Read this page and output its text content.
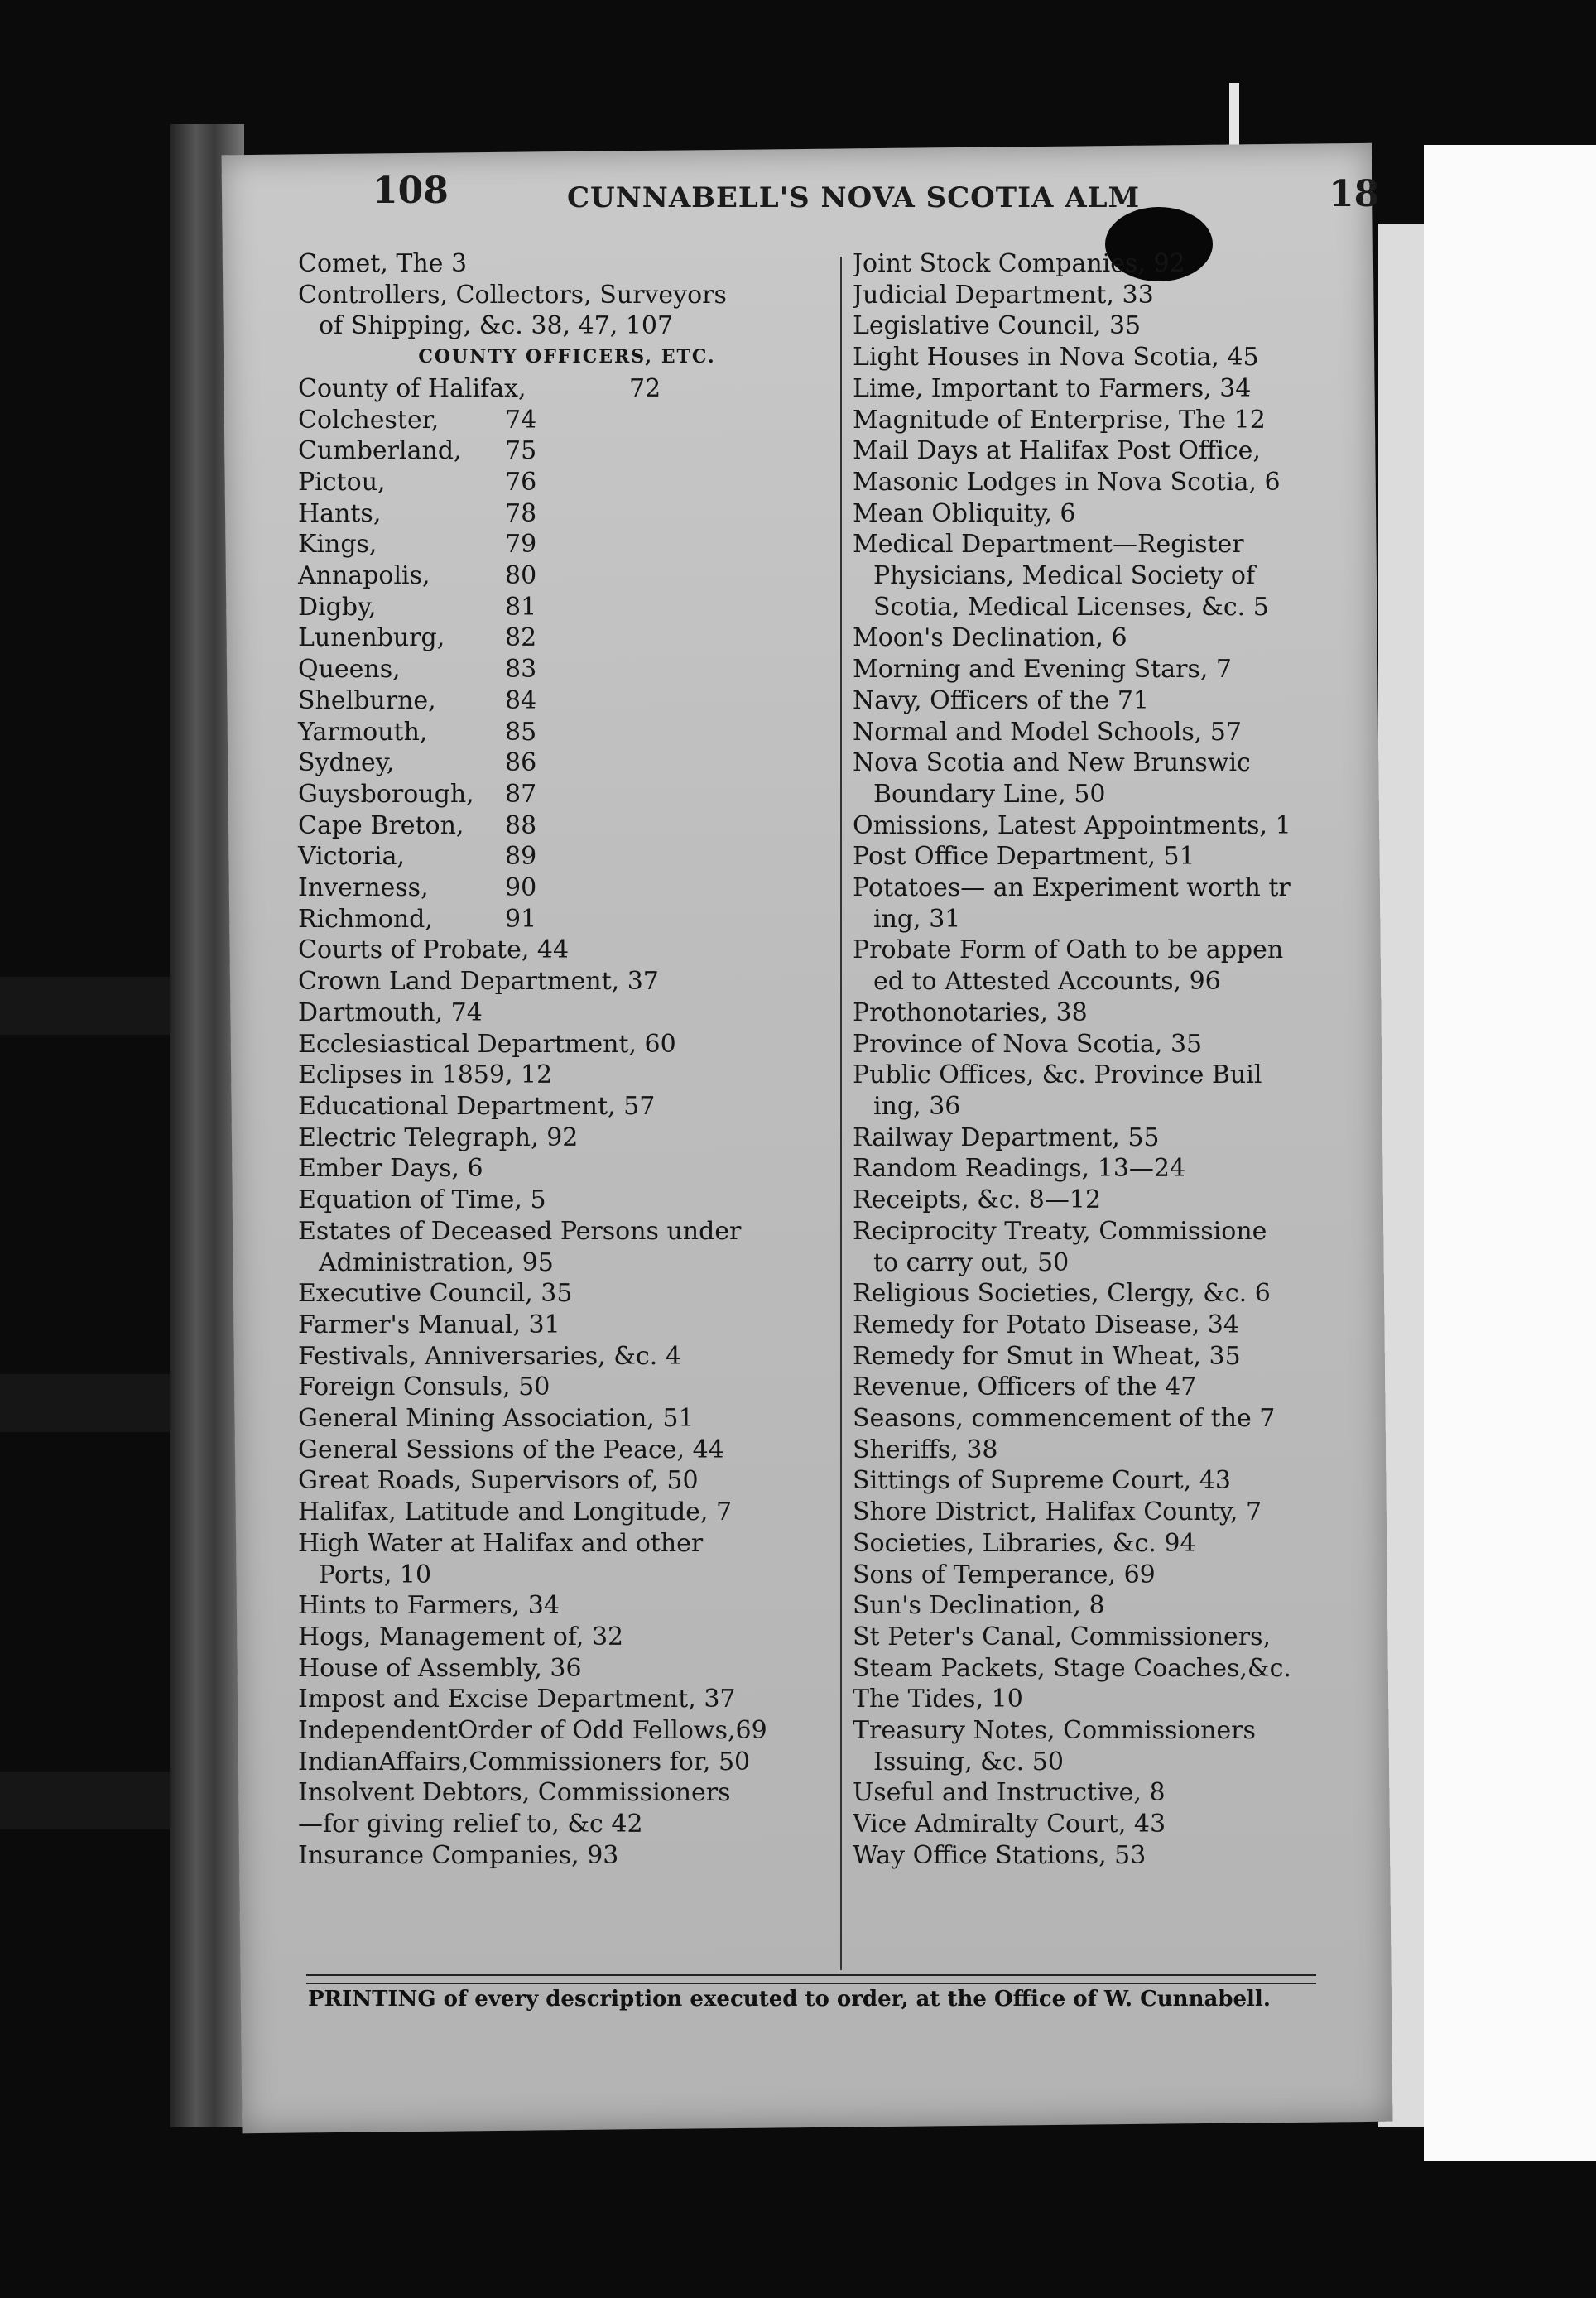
108	CUNNABELL'S NOVA SCOTIA ALM	18
Comet, The 3
Controllers, Collectors, Surveyors
of Shipping, &c. 38, 47, 107
COUNTY OFFICERS, ETC.
County of Halifax,	72
Colchester,	74
Cumberland, 75
Pictou,	76
Hants,	78
Kings,	79
Annapolis,	80
Digby,	81
Lunenburg, 82
Queens,	83
Shelburne,	84
Yarmouth,	85
Sydney,	86
Guysborough, 87
Cape Breton, 88
Victoria,	89
Inverness,	90
Richmond,	91
Courts of Probate, 44
Crown Land Department, 37
Dartmouth, 74
Ecclesiastical Department, 60
Eclipses in 1859, 12
Educational Department, 57
Electric Telegraph, 92
Ember Days, 6
Equation of Time, 5
Estates of Deceased Persons under
Administration, 95
Executive Council, 35
Farmer's Manual, 31
Festivals, Anniversaries, &c. 4
Foreign Consuls, 50
General Mining Association, 51
General Sessions of the Peace, 44
Great Roads, Supervisors of, 50
Halifax, Latitude and Longitude, 7
High Water at Halifax and other
Ports, 10
Hints to Farmers, 34
Hogs, Management of, 32
House of Assembly, 36
Impost and Excise Department, 37
IndependentOrder of Odd Fellows,69
IndianAffairs,Commissioners for, 50
Insolvent Debtors, Commissioners
—for giving relief to, &c 42
Insurance Companies, 93
Joint Stock Companies, 92
Judicial Department, 33
Legislative Council, 35
Light Houses in Nova Scotia, 45
Lime, Important to Farmers, 34
Magnitude of Enterprise, The 12
Mail Days at Halifax Post Office,
Masonic Lodges in Nova Scotia, 6
Mean Obliquity, 6
Medical Department—Register
Physicians, Medical Society of
Scotia, Medical Licenses, &c. 5
Moon's Declination, 6
Morning and Evening Stars, 7
Navy, Officers of the 71
Normal and Model Schools, 57
Nova Scotia and New Brunswic
Boundary Line, 50
Omissions, Latest Appointments, 1
Post Office Department, 51
Potatoes— an Experiment worth tr
ing, 31
Probate Form of Oath to be appen
ed to Attested Accounts, 96
Prothonotaries, 38
Province of Nova Scotia, 35
Public Offices, &c. Province Buil
ing, 36
Railway Department, 55
Random Readings, 13—24
Receipts, &c. 8—12
Reciprocity Treaty, Commissione
to carry out, 50
Religious Societies, Clergy, &c. 6
Remedy for Potato Disease, 34
Remedy for Smut in Wheat, 35
Revenue, Officers of the 47
Seasons, commencement of the 7
Sheriffs, 38
Sittings of Supreme Court, 43
Shore District, Halifax County, 7
Societies, Libraries, &c. 94
Sons of Temperance, 69
Sun's Declination, 8
St Peter's Canal, Commissioners,
Steam Packets, Stage Coaches,&c.
The Tides, 10
Treasury Notes, Commissioners
Issuing, &c. 50
Useful and Instructive, 8
Vice Admiralty Court, 43
Way Office Stations, 53
PRINTING of every description executed to order, at the Office of W. Cunnabell.
